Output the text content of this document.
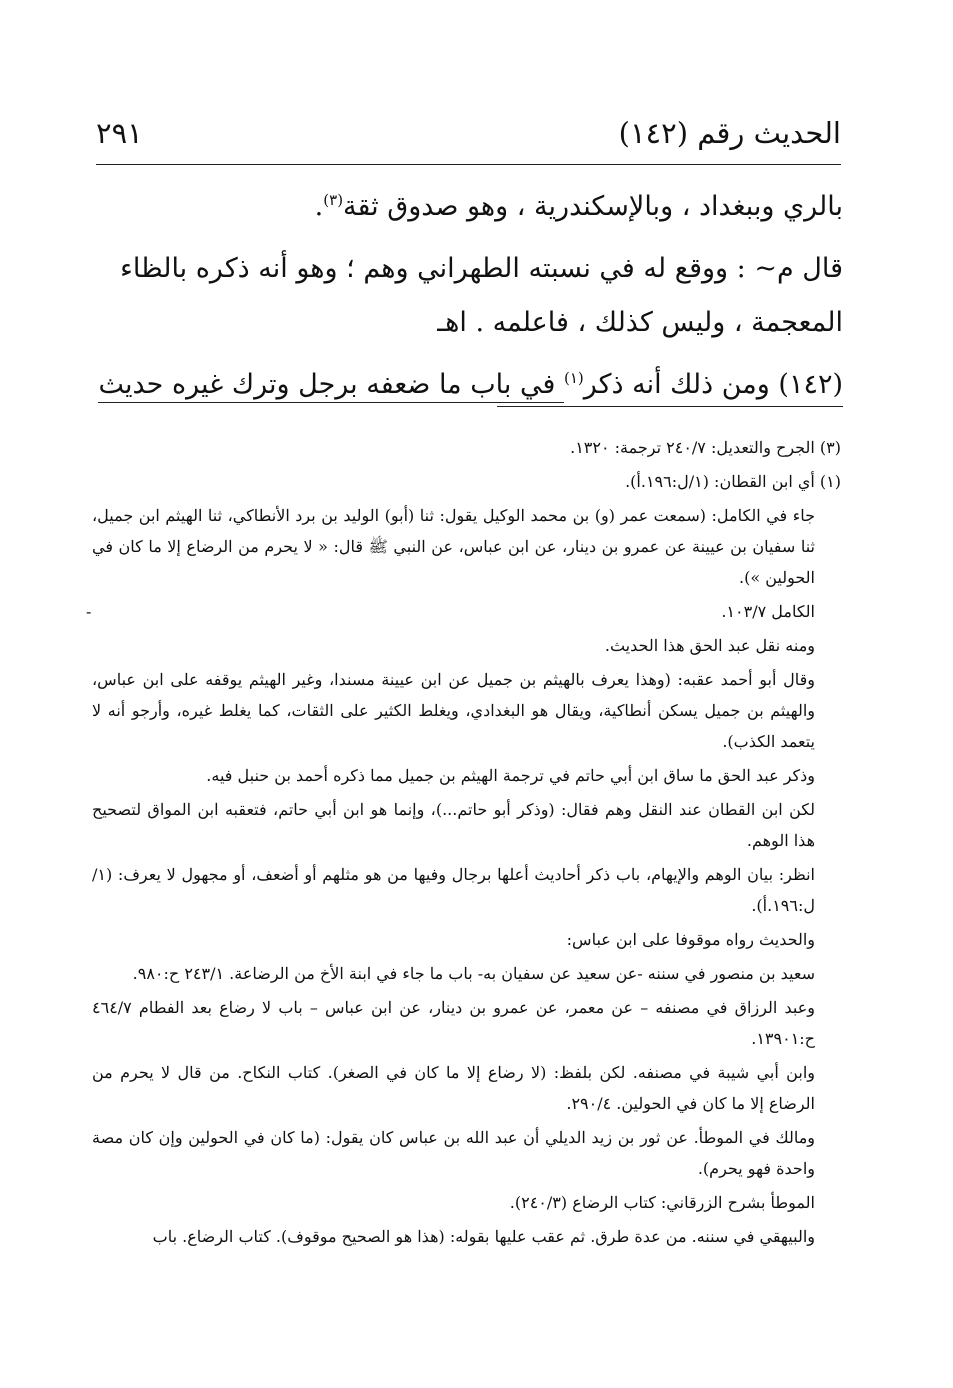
الحديث رقم (١٤٢)
٢٩١

بالري وببغداد ، وبالإسكندرية ، وهو صدوق ثقة$^{(٣)}$.

قال م~ : ووقع له في نسبته الطهراني وهم ؛ وهو أنه ذكره بالظاء المعجمة ، وليس كذلك ، فاعلمه . اهـ

(١٤٢) ومن ذلك أنه ذكر$^{(١)}$ في باب ما ضعفه برجل وترك غيره حديث

(٣) الجرح والتعديل: ٢٤٠/٧ ترجمة: ١٣٢٠.

(١) أي ابن القطان: (١/ل:١٩٦.أ).

جاء في الكامل: (سمعت عمر (و) بن محمد الوكيل يقول: ثنا (أبو) الوليد بن برد الأنطاكي، ثنا الهيثم ابن جميل، ثنا سفيان بن عيينة عن عمرو بن دينار، عن ابن عباس، عن النبي ﷺ قال: « لا يحرم من الرضاع إلا ما كان في الحولين »).

الكامل ١٠٣/٧.
-

ومنه نقل عبد الحق هذا الحديث.

وقال أبو أحمد عقبه: (وهذا يعرف بالهيثم بن جميل عن ابن عيينة مسندا، وغير الهيثم يوقفه على ابن عباس، والهيثم بن جميل يسكن أنطاكية، ويقال هو البغدادي، ويغلط الكثير على الثقات، كما يغلط غيره، وأرجو أنه لا يتعمد الكذب).

وذكر عبد الحق ما ساق ابن أبي حاتم في ترجمة الهيثم بن جميل مما ذكره أحمد بن حنبل فيه.

لكن ابن القطان عند النقل وهم فقال: (وذكر أبو حاتم...)، وإنما هو ابن أبي حاتم، فتعقبه ابن المواق لتصحيح هذا الوهم.

انظر: بيان الوهم والإيهام، باب ذكر أحاديث أعلها برجال وفيها من هو مثلهم أو أضعف، أو مجهول لا يعرف: (١/ل:١٩٦.أ).

والحديث رواه موقوفا على ابن عباس:

سعيد بن منصور في سننه -عن سعيد عن سفيان به- باب ما جاء في ابنة الأخ من الرضاعة. ٢٤٣/١ ح:٩٨٠.

وعبد الرزاق في مصنفه – عن معمر، عن عمرو بن دينار، عن ابن عباس – باب لا رضاع بعد الفطام ٤٦٤/٧ ح:١٣٩٠١.

وابن أبي شيبة في مصنفه. لكن بلفظ: (لا رضاع إلا ما كان في الصغر). كتاب النكاح. من قال لا يحرم من الرضاع إلا ما كان في الحولين. ٢٩٠/٤.

ومالك في الموطأ. عن ثور بن زيد الديلي أن عبد الله بن عباس كان يقول: (ما كان في الحولين وإن كان مصة واحدة فهو يحرم).

الموطأ بشرح الزرقاني: كتاب الرضاع (٢٤٠/٣).

والبيهقي في سننه. من عدة طرق. ثم عقب عليها بقوله: (هذا هو الصحيح موقوف). كتاب الرضاع. باب
